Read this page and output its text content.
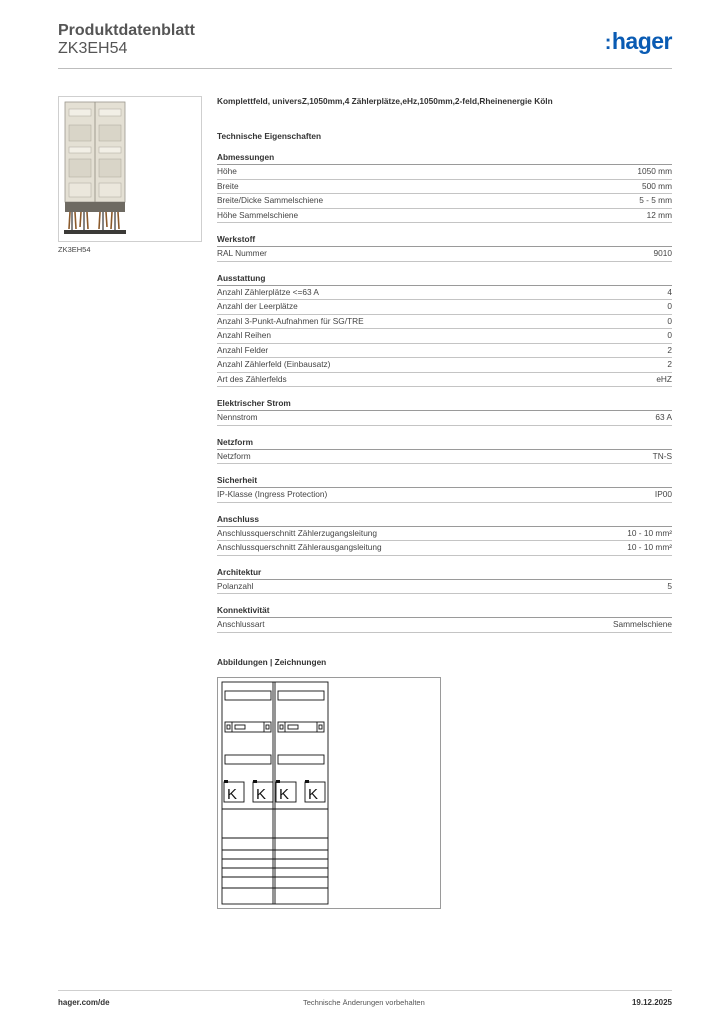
Produktdatenblatt
ZK3EH54	:hager
ZK3EH54
Komplettfeld, universZ,1050mm,4 Zählerplätze,eHz,1050mm,2-feld,Rheinenergie Köln
Technische Eigenschaften
Abmessungen
Höhe	1050 mm
Breite	500 mm
Breite/Dicke Sammelschiene	5 - 5 mm
Höhe Sammelschiene	12 mm
Werkstoff
RAL Nummer	9010
Ausstattung
Anzahl Zählerplätze <=63 A	4
Anzahl der Leerplätze	0
Anzahl 3-Punkt-Aufnahmen für SG/TRE	0
Anzahl Reihen	0
Anzahl Felder	2
Anzahl Zählerfeld (Einbausatz)	2
Art des Zählerfelds	eHZ
Elektrischer Strom
Nennstrom	63 A
Netzform
Netzform	TN-S
Sicherheit
IP-Klasse (Ingress Protection)	IP00
Anschluss
Anschlussquerschnitt Zählerzugangsleitung	10 - 10 mm²
Anschlussquerschnitt Zählerausgangsleitung	10 - 10 mm²
Architektur
Polanzahl	5
Konnektivität
Anschlussart	Sammelschiene
Abbildungen | Zeichnungen
K K K K
hager.com/de	Technische Änderungen vorbehalten	19.12.2025
